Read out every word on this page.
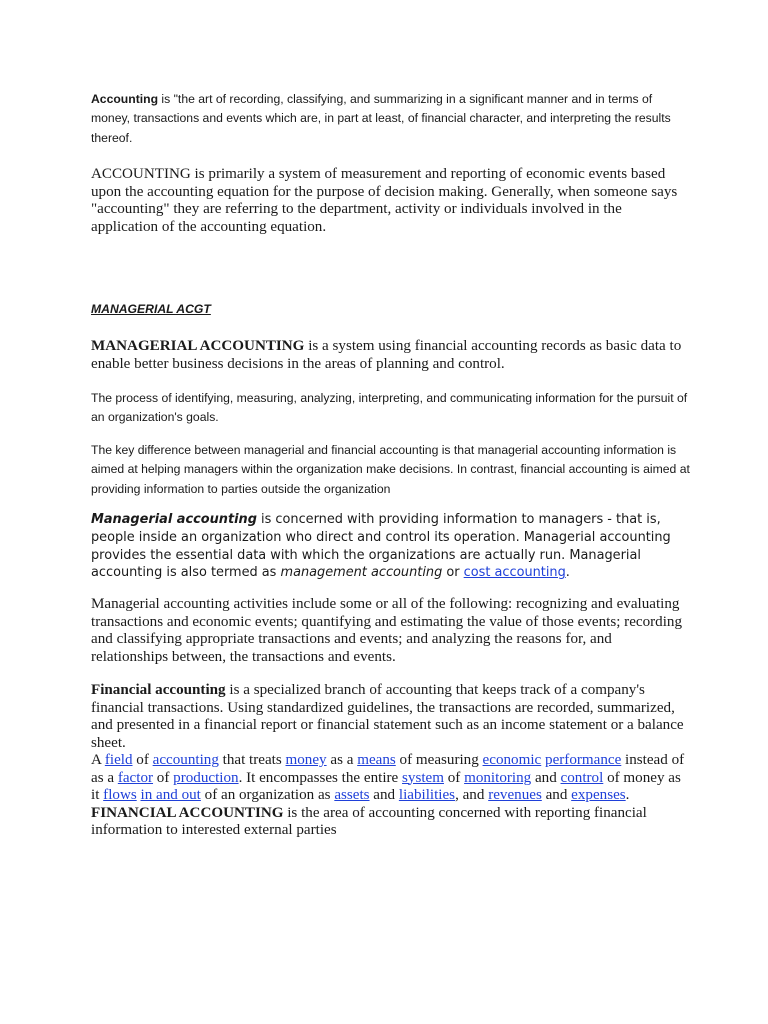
Accounting is "the art of recording, classifying, and summarizing in a significant manner and in terms of money, transactions and events which are, in part at least, of financial character, and interpreting the results thereof.

ACCOUNTING is primarily a system of measurement and reporting of economic events based upon the accounting equation for the purpose of decision making. Generally, when someone says "accounting" they are referring to the department, activity or individuals involved in the application of the accounting equation.

MANAGERIAL ACGT

MANAGERIAL ACCOUNTING is a system using financial accounting records as basic data to enable better business decisions in the areas of planning and control.

The process of identifying, measuring, analyzing, interpreting, and communicating information for the pursuit of an organization's goals.

The key difference between managerial and financial accounting is that managerial accounting information is aimed at helping managers within the organization make decisions. In contrast, financial accounting is aimed at providing information to parties outside the organization

Managerial accounting is concerned with providing information to managers - that is, people inside an organization who direct and control its operation. Managerial accounting provides the essential data with which the organizations are actually run. Managerial accounting is also termed as management accounting or cost accounting.

Managerial accounting activities include some or all of the following: recognizing and evaluating transactions and economic events; quantifying and estimating the value of those events; recording and classifying appropriate transactions and events; and analyzing the reasons for, and relationships between, the transactions and events.

Financial accounting is a specialized branch of accounting that keeps track of a company's financial transactions. Using standardized guidelines, the transactions are recorded, summarized, and presented in a financial report or financial statement such as an income statement or a balance sheet.

A field of accounting that treats money as a means of measuring economic performance instead of as a factor of production. It encompasses the entire system of monitoring and control of money as it flows in and out of an organization as assets and liabilities, and revenues and expenses. FINANCIAL ACCOUNTING is the area of accounting concerned with reporting financial information to interested external parties
